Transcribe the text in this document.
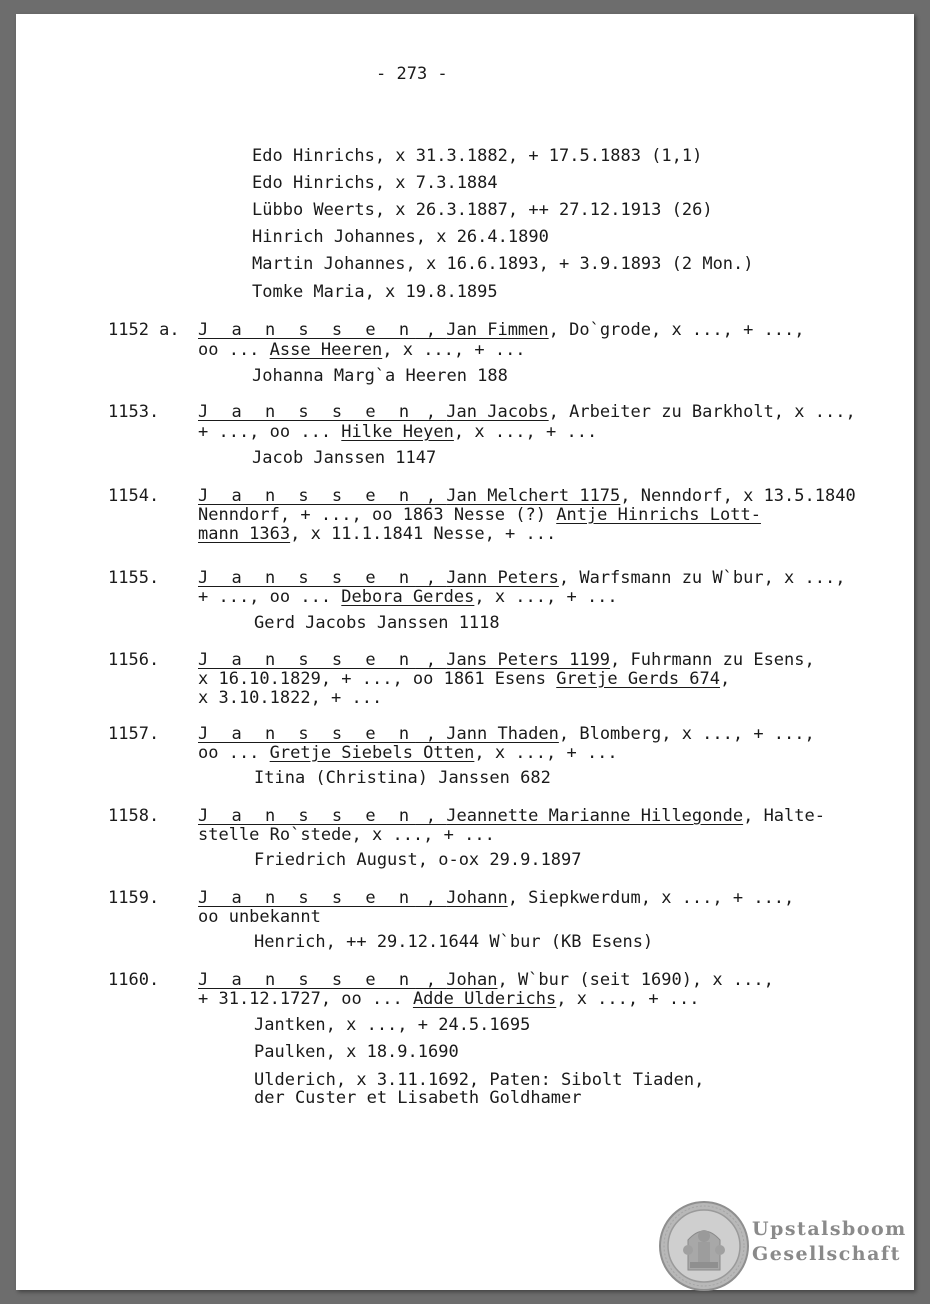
- 273 -
Edo Hinrichs, x 31.3.1882, + 17.5.1883 (1,1)
Edo Hinrichs, x 7.3.1884
Lübbo Weerts, x 26.3.1887, ++ 27.12.1913 (26)
Hinrich Johannes, x 26.4.1890
Martin Johannes, x 16.6.1893, + 3.9.1893 (2 Mon.)
Tomke Maria, x 19.8.1895
1152 a. J a n s s e n , Jan Fimmen, Do`grode, x ..., + ...,
oo ... Asse Heeren, x ..., + ...
Johanna Marg`a Heeren 188
1153. J a n s s e n , Jan Jacobs, Arbeiter zu Barkholt, x ...,
+ ..., oo ... Hilke Heyen, x ..., + ...
Jacob Janssen 1147
1154. J a n s s e n , Jan Melchert 1175, Nenndorf, x 13.5.1840
Nenndorf, + ..., oo 1863 Nesse (?) Antje Hinrichs Lott-
mann 1363, x 11.1.1841 Nesse, + ...
1155. J a n s s e n , Jann Peters, Warfsmann zu W`bur, x ...,
+ ..., oo ... Debora Gerdes, x ..., + ...
Gerd Jacobs Janssen 1118
1156. J a n s s e n , Jans Peters 1199, Fuhrmann zu Esens,
x 16.10.1829, + ..., oo 1861 Esens Gretje Gerds 674,
x 3.10.1822, + ...
1157. J a n s s e n , Jann Thaden, Blomberg, x ..., + ...,
oo ... Gretje Siebels Otten, x ..., + ...
Itina (Christina) Janssen 682
1158. J a n s s e n , Jeannette Marianne Hillegonde, Halte-
stelle Ro`stede, x ..., + ...
Friedrich August, o-ox 29.9.1897
1159. J a n s s e n , Johann, Siepkwerdum, x ..., + ...,
oo unbekannt
Henrich, ++ 29.12.1644 W`bur (KB Esens)
1160. J a n s s e n , Johan, W`bur (seit 1690), x ...,
+ 31.12.1727, oo ... Adde Ulderichs, x ..., + ...
Jantken, x ..., + 24.5.1695
Paulken, x 18.9.1690
Ulderich, x 3.11.1692, Paten: Sibolt Tiaden,
der Custer et Lisabeth Goldhamer
Upstalsboom
Gesellschaft
